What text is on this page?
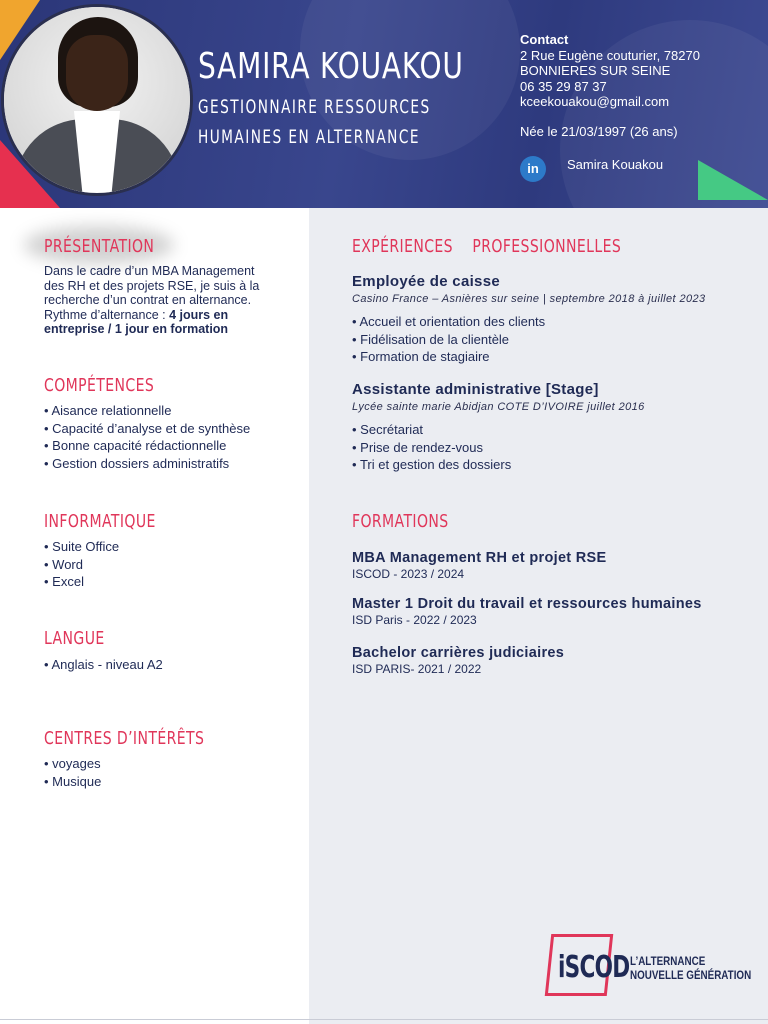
SAMIRA KOUAKOU
GESTIONNAIRE RESSOURCES
HUMAINES EN ALTERNANCE
Contact
2 Rue Eugène couturier, 78270
BONNIERES SUR SEINE
06 35 29 87 37
kceekouakou@gmail.com
Née le 21/03/1997 (26 ans)
in	Samira Kouakou
PRÉSENTATION
Dans le cadre d’un MBA Management
des RH et des projets RSE, je suis à la
recherche d’un contrat en alternance.
Rythme d’alternance : 4 jours en
entreprise / 1 jour en formation
COMPÉTENCES
• Aisance relationnelle
• Capacité d’analyse et de synthèse
• Bonne capacité rédactionnelle
• Gestion dossiers administratifs
INFORMATIQUE
• Suite Office
• Word
• Excel
LANGUE
• Anglais - niveau A2
CENTRES D’INTÉRÊTS
• voyages
• Musique
EXPÉRIENCES    PROFESSIONNELLES
Employée de caisse
Casino France – Asnières sur seine | septembre 2018 à juillet 2023
• Accueil et orientation des clients
• Fidélisation de la clientèle
• Formation de stagiaire
Assistante administrative [Stage]
Lycée sainte marie Abidjan COTE D’IVOIRE juillet 2016
• Secrétariat
• Prise de rendez-vous
• Tri et gestion des dossiers
FORMATIONS
MBA Management RH et projet RSE
ISCOD - 2023 / 2024
Master 1 Droit du travail et ressources humaines
ISD Paris - 2022 / 2023
Bachelor carrières judiciaires
ISD PARIS- 2021 / 2022
iSCOD L’ALTERNANCE
NOUVELLE GÉNÉRATION
